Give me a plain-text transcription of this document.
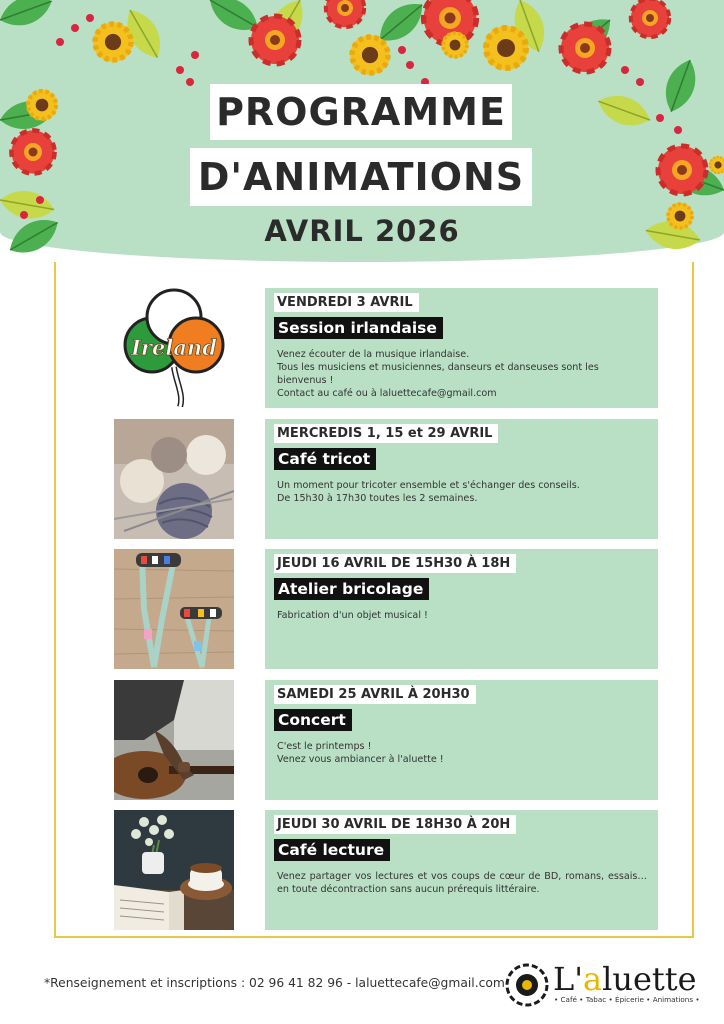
PROGRAMME
D'ANIMATIONS
AVRIL 2026
Ireland
VENDREDI 3 AVRIL
Session irlandaise
Venez écouter de la musique irlandaise.
Tous les musiciens et musiciennes, danseurs et danseuses sont les bienvenus !
Contact au café ou à laluettecafe@gmail.com
MERCREDIS 1, 15 et 29 AVRIL
Café tricot
Un moment pour tricoter ensemble et s'échanger des conseils.
De 15h30 à 17h30 toutes les 2 semaines.
JEUDI 16 AVRIL DE 15H30 À 18H
Atelier bricolage
Fabrication d'un objet musical !
SAMEDI 25 AVRIL À 20H30
Concert
C'est le printemps !
Venez vous ambiancer à l'aluette !
JEUDI 30 AVRIL DE 18H30 À 20H
Café lecture
Venez partager vos lectures et vos coups de cœur de BD, romans, essais… en toute décontraction sans aucun prérequis littéraire.
*Renseignement et inscriptions : 02 96 41 82 96 - laluettecafe@gmail.com L'aluette
• Café • Tabac • Épicerie • Animations •
